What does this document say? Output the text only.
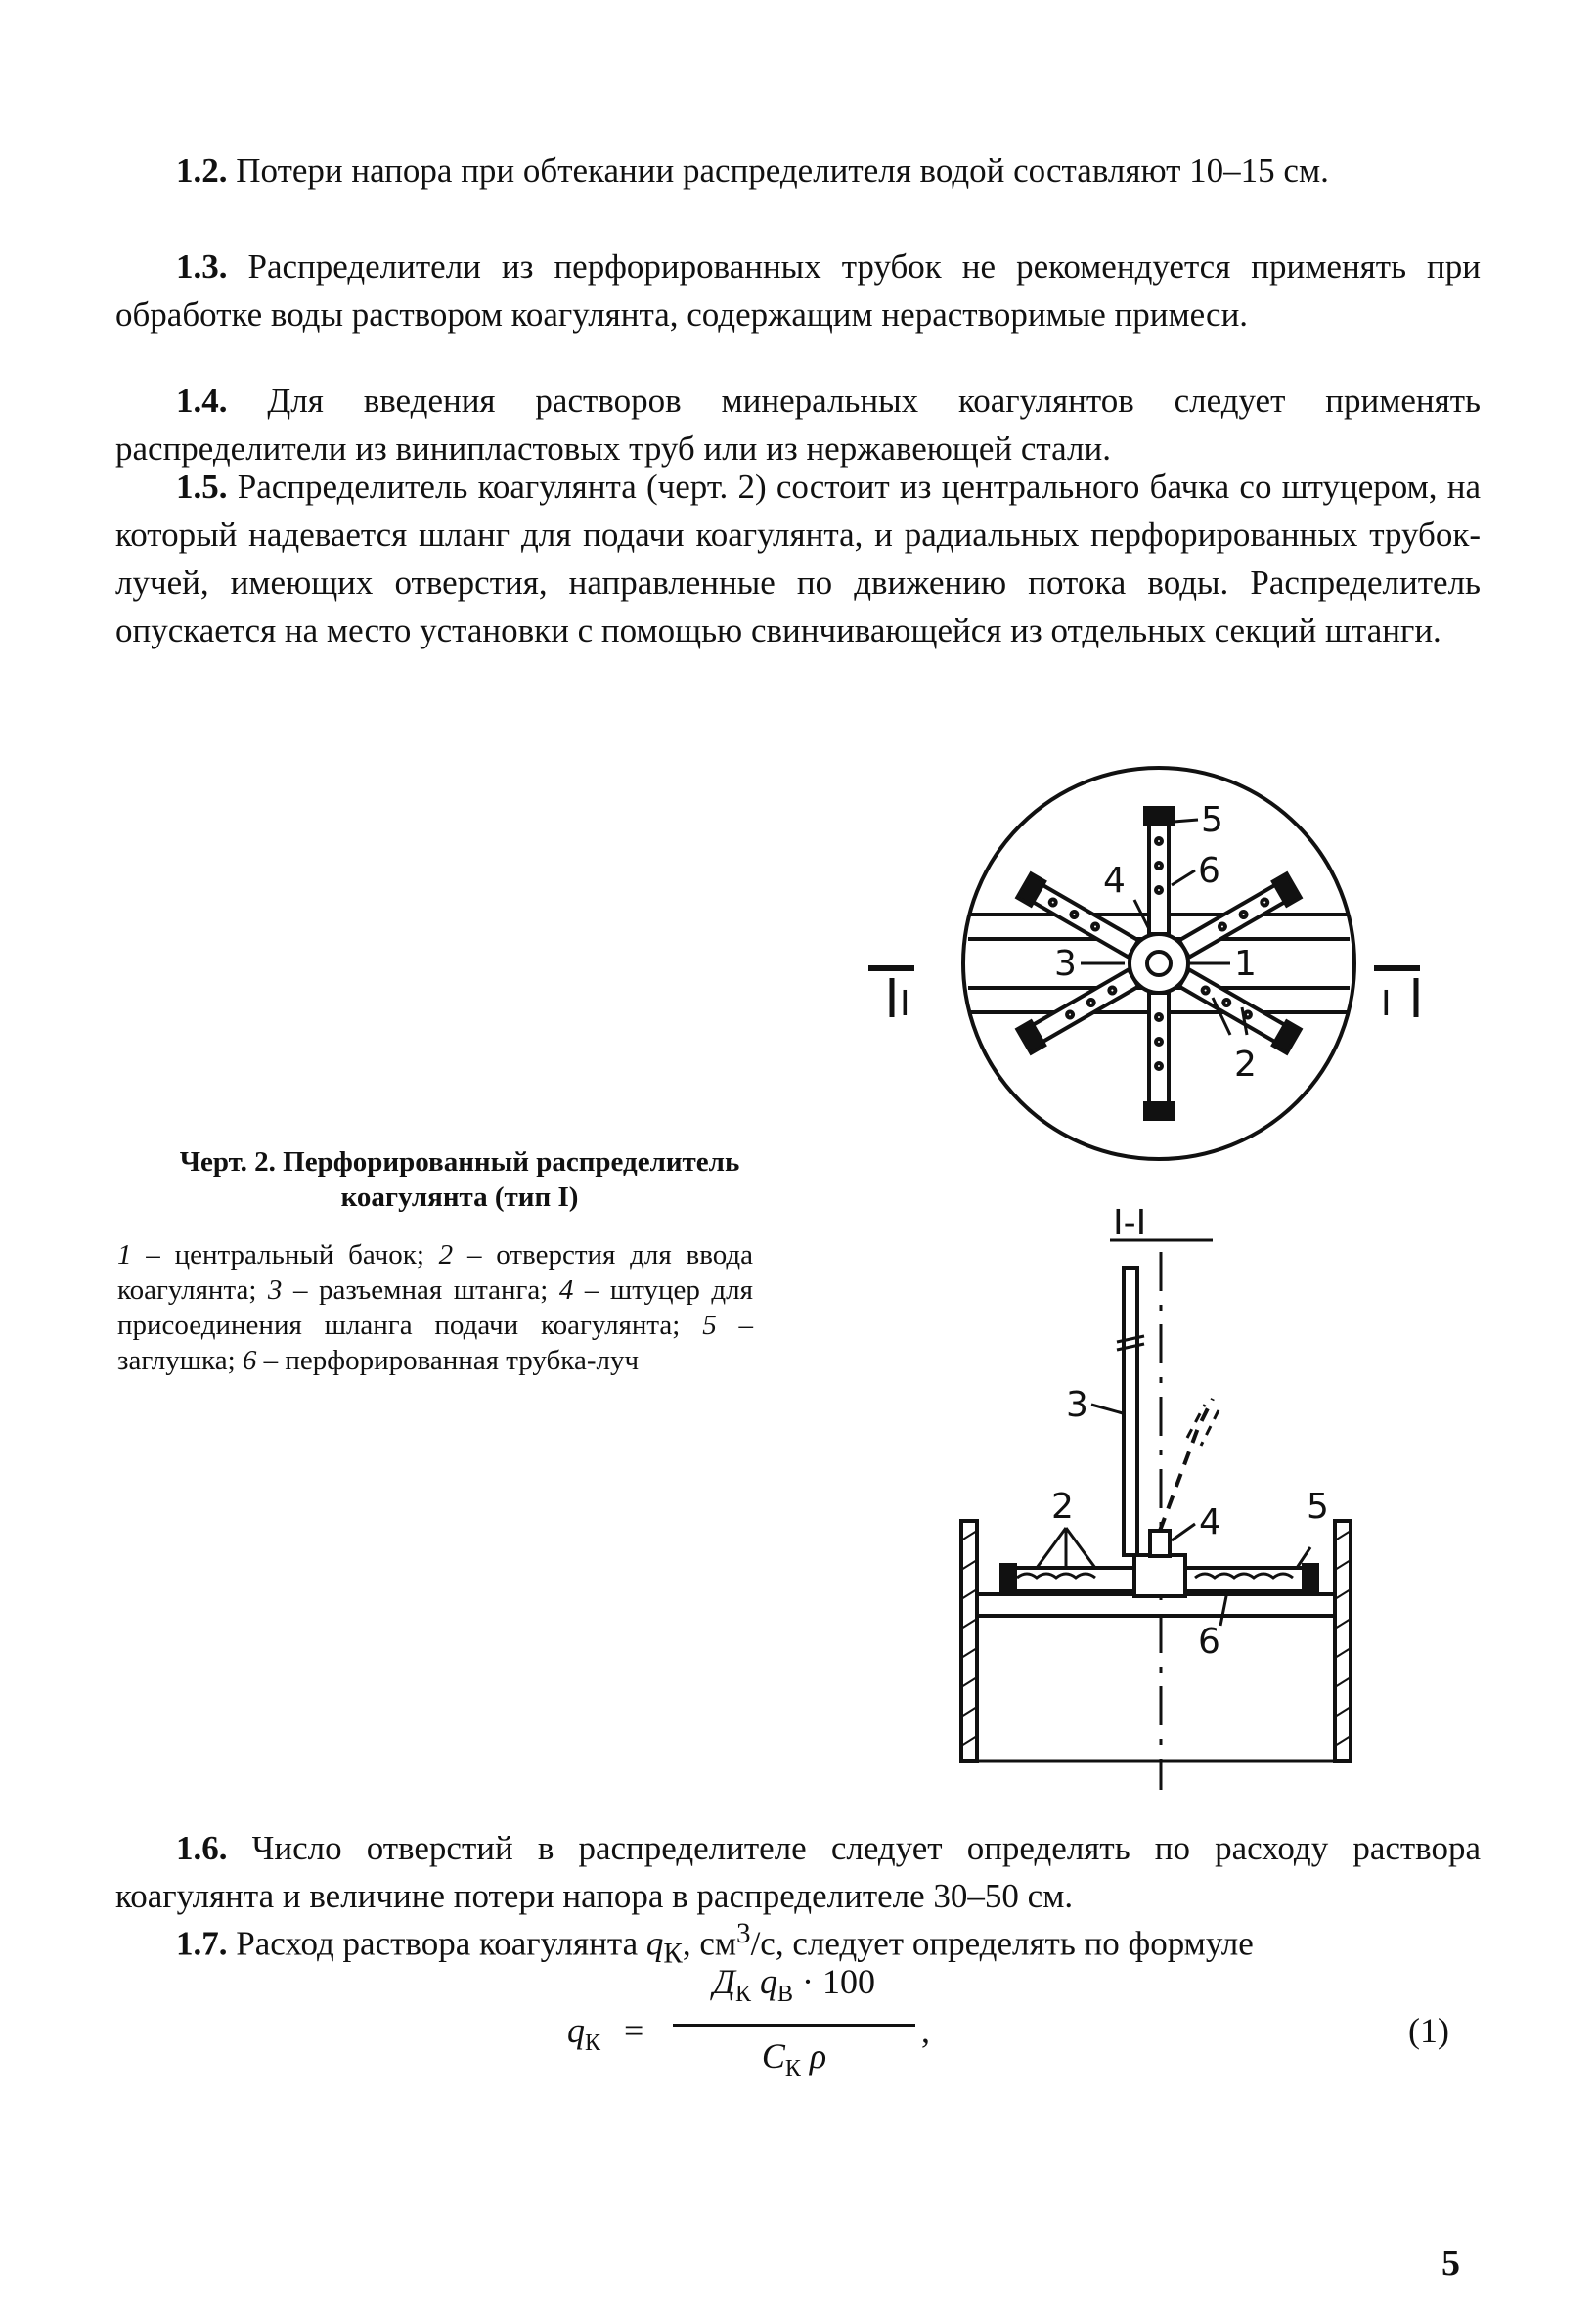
1.2. Потери напора при обтекании распределителя водой составляют 10–15 см.

1.3. Распределители из перфорированных трубок не рекомендуется применять при обработке воды раствором коагулянта, содержащим нерастворимые примеси.

1.4. Для введения растворов минеральных коагулянтов следует применять распределители из винипластовых труб или из нержавеющей стали.

1.5. Распределитель коагулянта (черт. 2) состоит из центрального бачка со штуцером, на который надевается шланг для подачи коагулянта, и радиальных перфорированных трубок-лучей, имеющих отверстия, направленные по движению потока воды. Распределитель опускается на место установки с помощью свинчивающейся из отдельных секций штанги.

5
6
4
3	1
2
I	I
I-I
3
2	4 5
6

Черт. 2. Перфорированный распределитель коагулянта (тип I)

1 – центральный бачок; 2 – отверстия для ввода коагулянта; 3 – разъемная штанга; 4 – штуцер для присоединения шланга подачи коагулянта; 5 – заглушка; 6 – перфорированная трубка-луч

1.6. Число отверстий в распределителе следует определять по расходу раствора коагулянта и величине потери напора в распределителе 30–50 см.

1.7. Расход раствора коагулянта $q_К$, $см^3/с$, следует определять по формуле

$q_К$ =
$Д_К$ $q_В \cdot 100$
$С_К$ ρ
,	(1)
5
